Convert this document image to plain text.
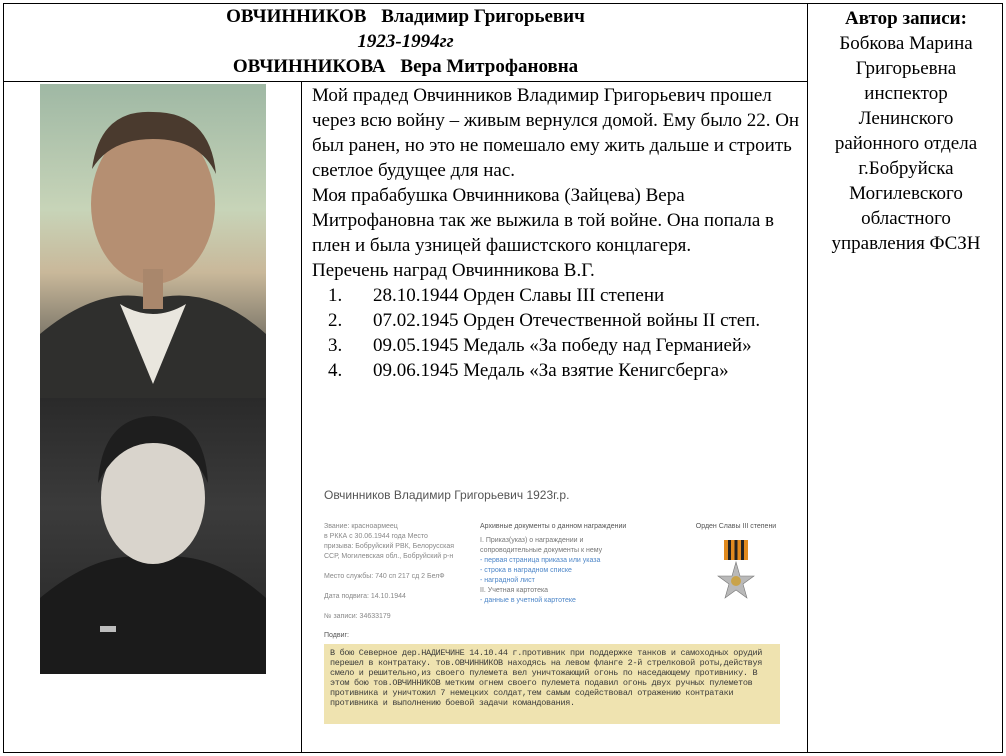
ОВЧИННИКОВ Владимир Григорьевич
1923-1994гг
ОВЧИННИКОВА Вера Митрофановна
Автор записи:
Бобкова Марина
Григорьевна
инспектор
Ленинского
районного отдела
г.Бобруйска
Могилевского
областного
управления ФСЗН

Мой прадед Овчинников Владимир Григорьевич прошел через всю войну – живым вернулся домой. Ему было 22. Он был ранен, но это не помешало ему жить дальше и строить светлое будущее для нас.

Моя прабабушка Овчинникова (Зайцева) Вера Митрофановна так же выжила в той войне. Она попала в плен и была узницей фашистского концлагеря.

Перечень наград Овчинникова В.Г.

1. 28.10.1944 Орден Славы III степени
2. 07.02.1945 Орден Отечественной войны II степ.
3. 09.05.1945 Медаль «За победу над Германией»
4. 09.06.1945 Медаль «За взятие Кенигсберга»
Овчинников Владимир Григорьевич 1923г.р.
Звание: красноармеец
в РККА с 30.06.1944 года Место
призыва: Бобруйский РВК, Белорусская
ССР, Могилевская обл., Бобруйский р-н

Место службы: 740 сп 217 сд 2 БелФ

Дата подвига: 14.10.1944

№ записи: 34633179
Архивные документы о данном награждении
I. Приказ(указ) о награждении и сопроводительные документы к нему
- первая страница приказа или указа
- строка в наградном списке
- наградной лист
II. Учетная картотека
- данные в учетной картотеке
Орден Славы III степени
Подвиг:
В бою Северное дер.НАДИЕЧИНЕ 14.10.44 г.противник при поддержке танков и самоходных орудий перешел в контратаку. тов.ОВЧИННИКОВ находясь на левом фланге 2-й стрелковой роты,действуя смело и решительно,из своего пулемета вел уничтожающий огонь по наседающему противнику. В этом бою тов.ОВЧИННИКОВ метким огнем своего пулемета подавил огонь двух ручных пулеметов противника и уничтожил 7 немецких солдат,тем самым содействовал отражению контратаки противника и выполнению боевой задачи командования.
